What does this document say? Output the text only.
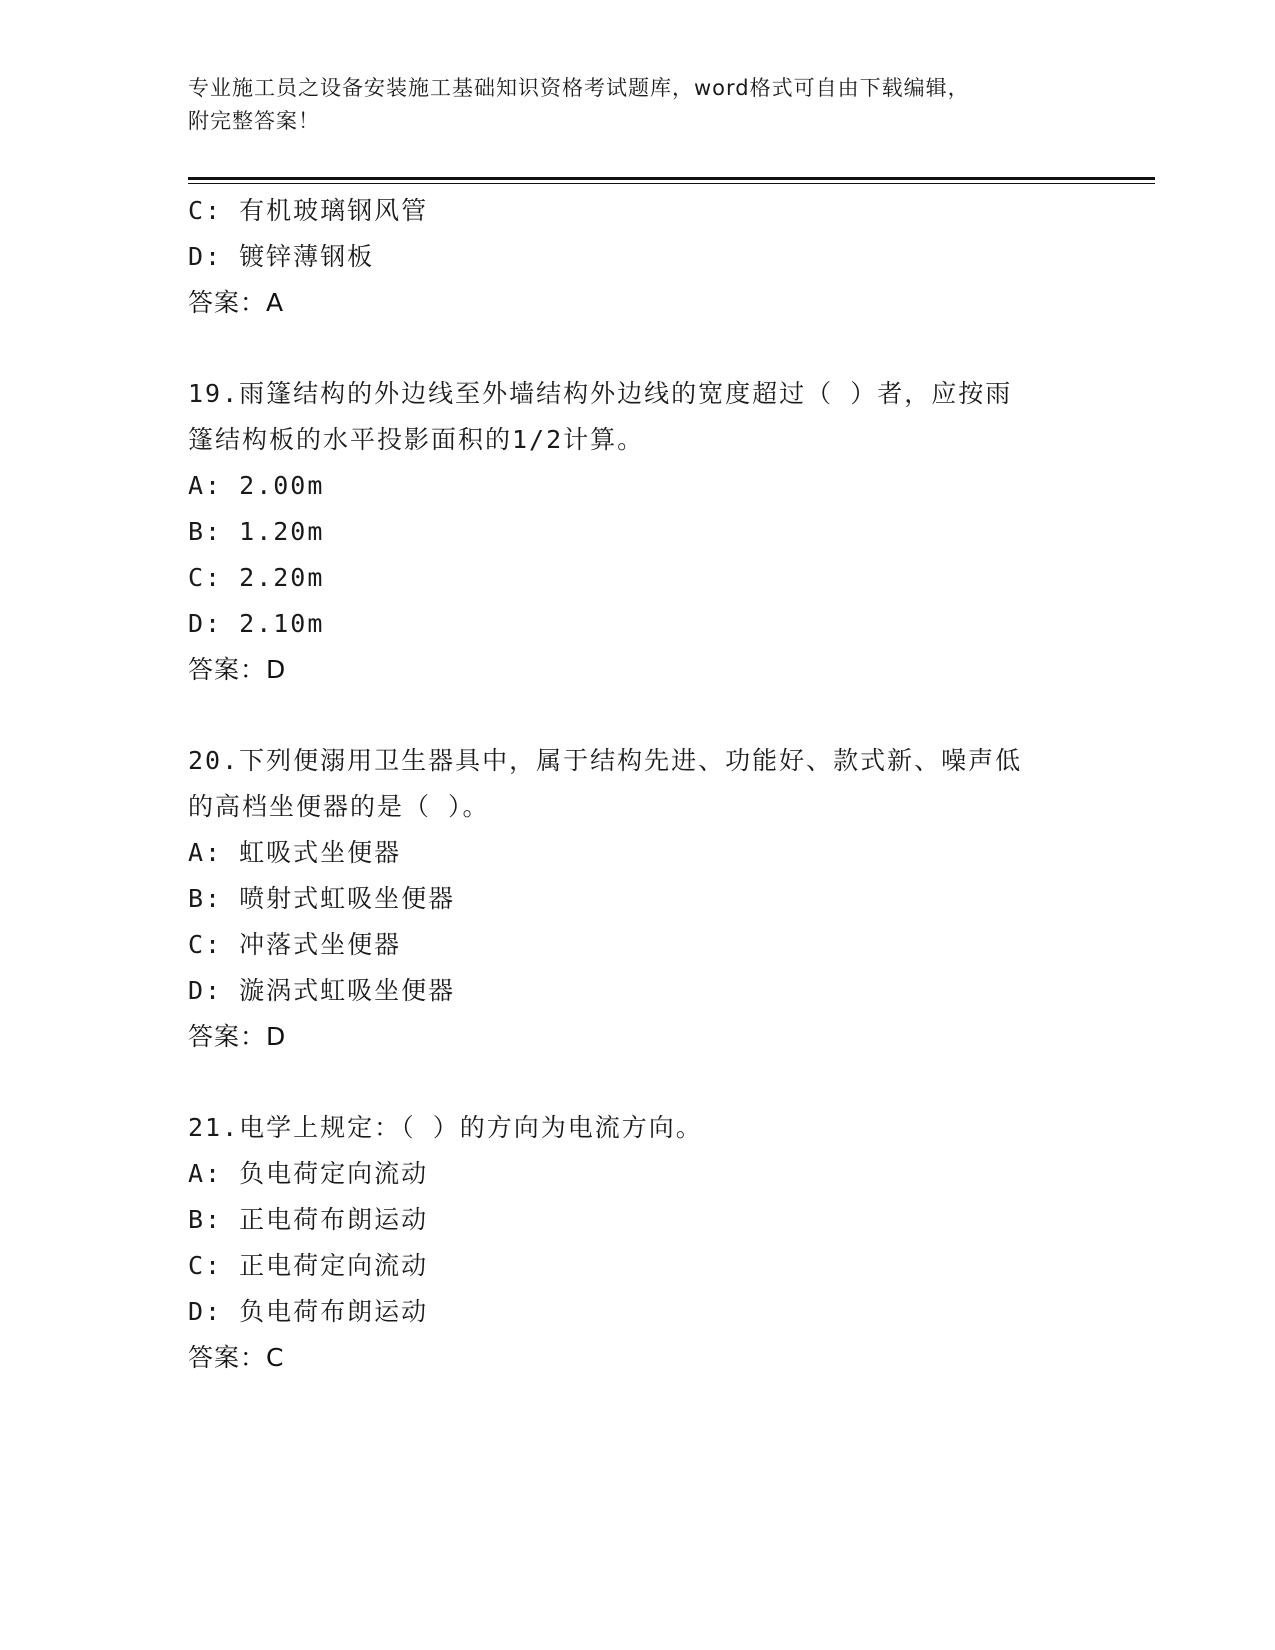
专业施工员之设备安装施工基础知识资格考试题库，word格式可自由下载编辑，
附完整答案！
C: 有机玻璃钢风管
D: 镀锌薄钢板
答案：A
19.雨篷结构的外边线至外墙结构外边线的宽度超过（ ）者，应按雨
篷结构板的水平投影面积的1/2计算。
A: 2.00m
B: 1.20m
C: 2.20m
D: 2.10m
答案：D
20.下列便溺用卫生器具中，属于结构先进、功能好、款式新、噪声低
的高档坐便器的是（ ）。
A: 虹吸式坐便器
B: 喷射式虹吸坐便器
C: 冲落式坐便器
D: 漩涡式虹吸坐便器
答案：D
21.电学上规定：（ ）的方向为电流方向。
A: 负电荷定向流动
B: 正电荷布朗运动
C: 正电荷定向流动
D: 负电荷布朗运动
答案：C
